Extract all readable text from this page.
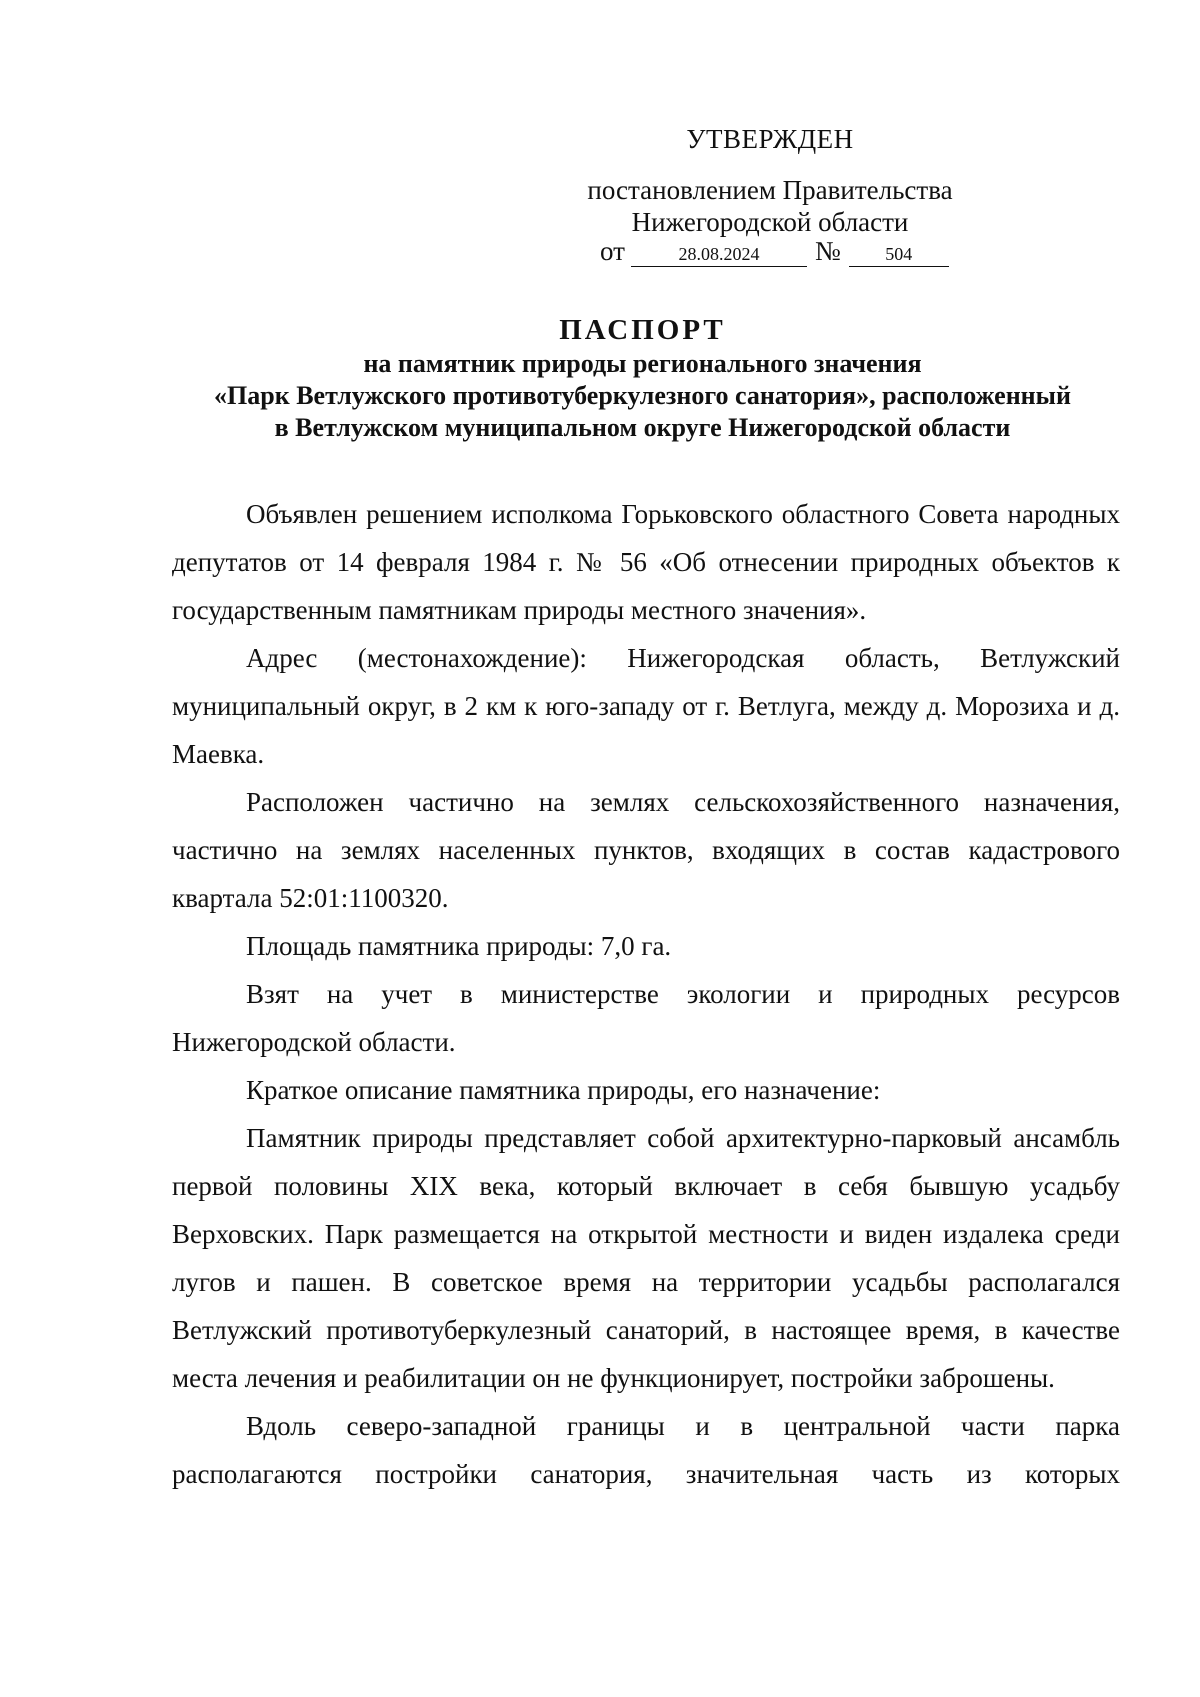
УТВЕРЖДЕН
постановлением Правительства
Нижегородской области
от	28.08.2024 № 504
ПАСПОРТ
на памятник природы регионального значения
«Парк Ветлужского противотуберкулезного санатория», расположенный
в Ветлужском муниципальном округе Нижегородской области

Объявлен решением исполкома Горьковского областного Совета народных депутатов от 14 февраля 1984 г. № 56 «Об отнесении природных объектов к государственным памятникам природы местного значения».

Адрес (местонахождение): Нижегородская область, Ветлужский муниципальный округ, в 2 км к юго-западу от г. Ветлуга, между д. Морозиха и д. Маевка.

Расположен частично на землях сельскохозяйственного назначения, частично на землях населенных пунктов, входящих в состав кадастрового квартала 52:01:1100320.

Площадь памятника природы: 7,0 га.

Взят на учет в министерстве экологии и природных ресурсов Нижегородской области.

Краткое описание памятника природы, его назначение:

Памятник природы представляет собой архитектурно-парковый ансамбль первой половины XIX века, который включает в себя бывшую усадьбу Верховских. Парк размещается на открытой местности и виден издалека среди лугов и пашен. В советское время на территории усадьбы располагался Ветлужский противотуберкулезный санаторий, в настоящее время, в качестве места лечения и реабилитации он не функционирует, постройки заброшены.

Вдоль северо-западной границы и в центральной части парка располагаются постройки санатория, значительная часть из которых
